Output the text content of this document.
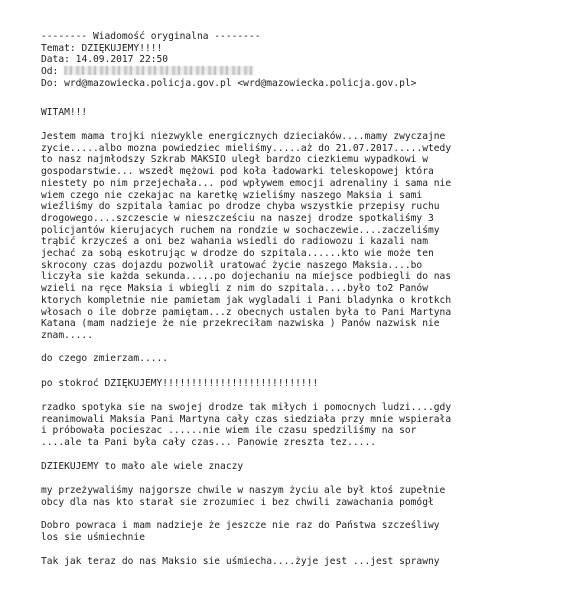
-------- Wiadomość oryginalna --------
Temat: DZIĘKUJEMY!!!!
Data: 14.09.2017 22:50
Od:
Do: wrd@mazowiecka.policja.gov.pl <wrd@mazowiecka.policja.gov.pl>
WITAM!!!
Jestem mama trojki niezwykle energicznych dzieciaków....mamy zwyczajne
zycie.....albo mozna powiedziec mieliśmy.....aż do 21.07.2017.....wtedy
to nasz najmłodszy Szkrab MAKSIO uległ bardzo ciezkiemu wypadkowi w
gospodarstwie... wszedł mężowi pod koła ładowarki teleskopowej która
niestety po nim przejechała... pod wpływem emocji adrenaliny i sama nie
wiem czego nie czekajac na karetkę wzieliśmy naszego Maksia i sami
wieźliśmy do szpitala łamiac po drodze chyba wszystkie przepisy ruchu
drogowego....szczescie w nieszcześciu na naszej drodze spotkaliśmy 3
policjantów kierujacych ruchem na rondzie w sochaczewie....zaczeliśmy
trąbić krzycześ a oni bez wahania wsiedli do radiowozu i kazali nam
jechać za sobą eskotrując w drodze do szpitala......kto wie może ten
skrocony czas dojazdu pozwolił uratować życie naszego Maksia....bo
liczyła sie każda sekunda.....po dojechaniu na miejsce podbiegli do nas
wzieli na ręce Maksia i wbiegli z nim do szpitala....było to2 Panów
ktorych kompletnie nie pamietam jak wygladali i Pani bladynka o krotkch
włosach o ile dobrze pamiętam...z obecnych ustalen była to Pani Martyna
Katana (mam nadzieje że nie przekreciłam nazwiska ) Panów nazwisk nie
znam.....
do czego zmierzam.....
po stokroć DZIĘKUJEMY!!!!!!!!!!!!!!!!!!!!!!!!!!!
rzadko spotyka sie na swojej drodze tak miłych i pomocnych ludzi....gdy
reanimowali Maksia Pani Martyna cały czas siedziała przy mnie wspierała
i próbowała pocieszac ......nie wiem ile czasu spedziliśmy na sor
....ale ta Pani była cały czas... Panowie zreszta tez.....
DZIEKUJEMY to mało ale wiele znaczy
my przeżywaliśmy najgorsze chwile w naszym życiu ale był ktoś zupełnie
obcy dla nas kto starał sie zrozumiec i bez chwili zawachania pomógł
Dobro powraca i mam nadzieje że jeszcze nie raz do Państwa szcześliwy
los sie uśmiechnie
Tak jak teraz do nas Maksio sie uśmiecha....żyje jest ...jest sprawny
